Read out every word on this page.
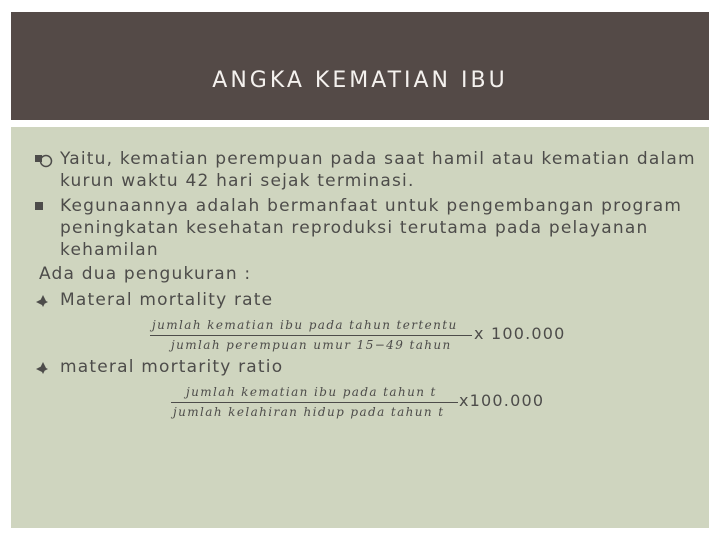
ANGKA KEMATIAN IBU
Yaitu, kematian perempuan pada saat hamil atau kematian dalam
kurun waktu 42 hari sejak terminasi.
Kegunaannya adalah bermanfaat untuk pengembangan program
peningkatan kesehatan reproduksi terutama pada pelayanan
kehamilan
Ada dua pengukuran :
Materal mortality rate
jumlah kematian ibu pada tahun tertentu
jumlah perempuan umur 15−49 tahun
x 100.000
materal mortarity ratio
jumlah kematian ibu pada tahun t
jumlah kelahiran hidup pada tahun t
x100.000
